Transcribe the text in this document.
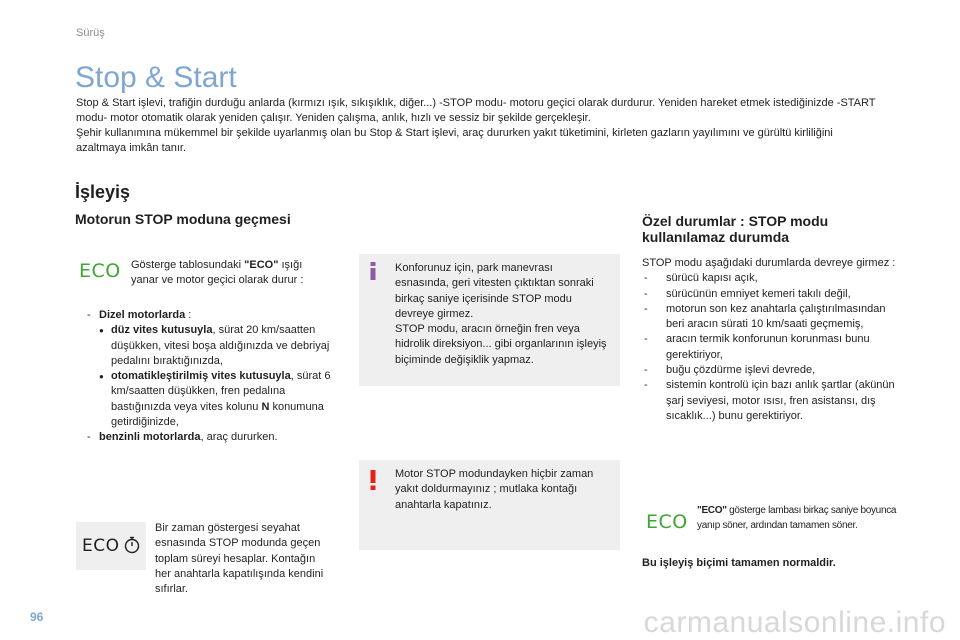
Sürüş
Stop & Start

Stop & Start işlevi, trafiğin durduğu anlarda (kırmızı ışık, sıkışıklık, diğer...) -STOP modu- motoru geçici olarak durdurur. Yeniden hareket etmek istediğinizde -START modu- motor otomatik olarak yeniden çalışır. Yeniden çalışma, anlık, hızlı ve sessiz bir şekilde gerçekleşir.

Şehir kullanımına mükemmel bir şekilde uyarlanmış olan bu Stop & Start işlevi, araç dururken yakıt tüketimini, kirleten gazların yayılımını ve gürültü kirliliğini azaltmaya imkân tanır.

İşleyiş
Motorun STOP moduna geçmesi
ECO Gösterge tablosundaki "ECO" ışığı yanar ve motor geçici olarak durur :

- Dizel motorlarda :
● düz vites kutusuyla, sürat 20 km/saatten düşükken, vitesi boşa aldığınızda ve debriyaj pedalını bıraktığınızda,
● otomatikleştirilmiş vites kutusuyla, sürat 6 km/saatten düşükken, fren pedalına bastığınızda veya vites kolunu N konumuna getirdiğinizde,
- benzinli motorlarda, araç dururken.
ECO

Bir zaman göstergesi seyahat esnasında STOP modunda geçen toplam süreyi hesaplar. Kontağın her anahtarla kapatılışında kendini sıfırlar.

Konforunuz için, park manevrası esnasında, geri vitesten çıktıktan sonraki birkaç saniye içerisinde STOP modu devreye girmez.

STOP modu, aracın örneğin fren veya hidrolik direksiyon... gibi organlarının işleyiş biçiminde değişiklik yapmaz.

Motor STOP modundayken hiçbir zaman yakıt doldurmayınız ; mutlaka kontağı anahtarla kapatınız.

Özel durumlar : STOP modu
kullanılamaz durumda

STOP modu aşağıdaki durumlarda devreye girmez :

- sürücü kapısı açık,
- sürücünün emniyet kemeri takılı değil,
- motorun son kez anahtarla çalıştırılmasından beri aracın sürati 10 km/saati geçmemiş,
- aracın termik konforunun korunması bunu gerektiriyor,
- buğu çözdürme işlevi devrede,
- sistemin kontrolü için bazı anlık şartlar (akünün şarj seviyesi, motor ısısı, fren asistansı, dış sıcaklık...) bunu gerektiriyor.
ECO

"ECO" gösterge lambası birkaç saniye boyunca yanıp söner, ardından tamamen söner.

Bu işleyiş biçimi tamamen normaldir.

96	carmanualsonline.info
